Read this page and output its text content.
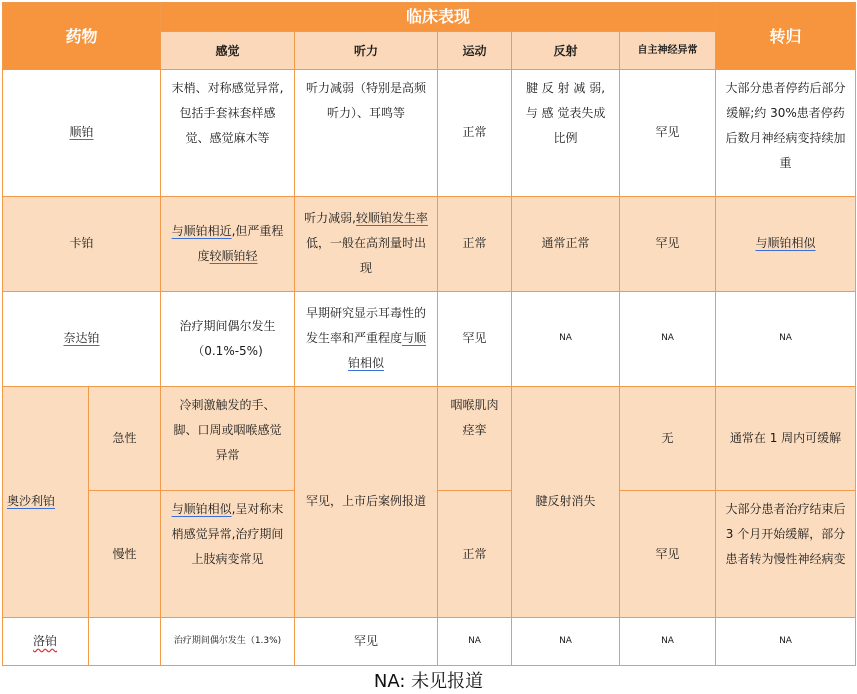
药物		临床表现					转归
		感觉	听力	运动	反射	自主神经异常	
顺铂		末梢、对称感觉异常,包括手套袜套样感觉、感觉麻木等	听力减弱（特别是高频听力）、耳鸣等	正常	腱 反 射 减 弱,与 感 觉表失成比例	罕见	大部分患者停药后部分缓解;约 30%患者停药后数月神经病变持续加重
卡铂		与顺铂相近,但严重程度较顺铂轻	听力减弱,较顺铂发生率低，一般在高剂量时出现	正常	通常正常	罕见	与顺铂相似
奈达铂		治疗期间偶尔发生（0.1%-5%)	早期研究显示耳毒性的发生率和严重程度与顺铂相似	罕见	NA	NA	NA
奥沙利铂	急性	冷刺激触发的手、脚、口周或咽喉感觉异常	罕见，上市后案例报道	咽喉肌肉痉挛	腱反射消失	无	通常在 1 周内可缓解
	慢性	与顺铂相似,呈对称末梢感觉异常,治疗期间上肢病变常见		正常		罕见	大部分患者治疗结束后 3 个月开始缓解，部分患者转为慢性神经病变
洛铂		治疗期间偶尔发生（1.3%)	罕见	NA	NA	NA	NA
NA: 未见报道
